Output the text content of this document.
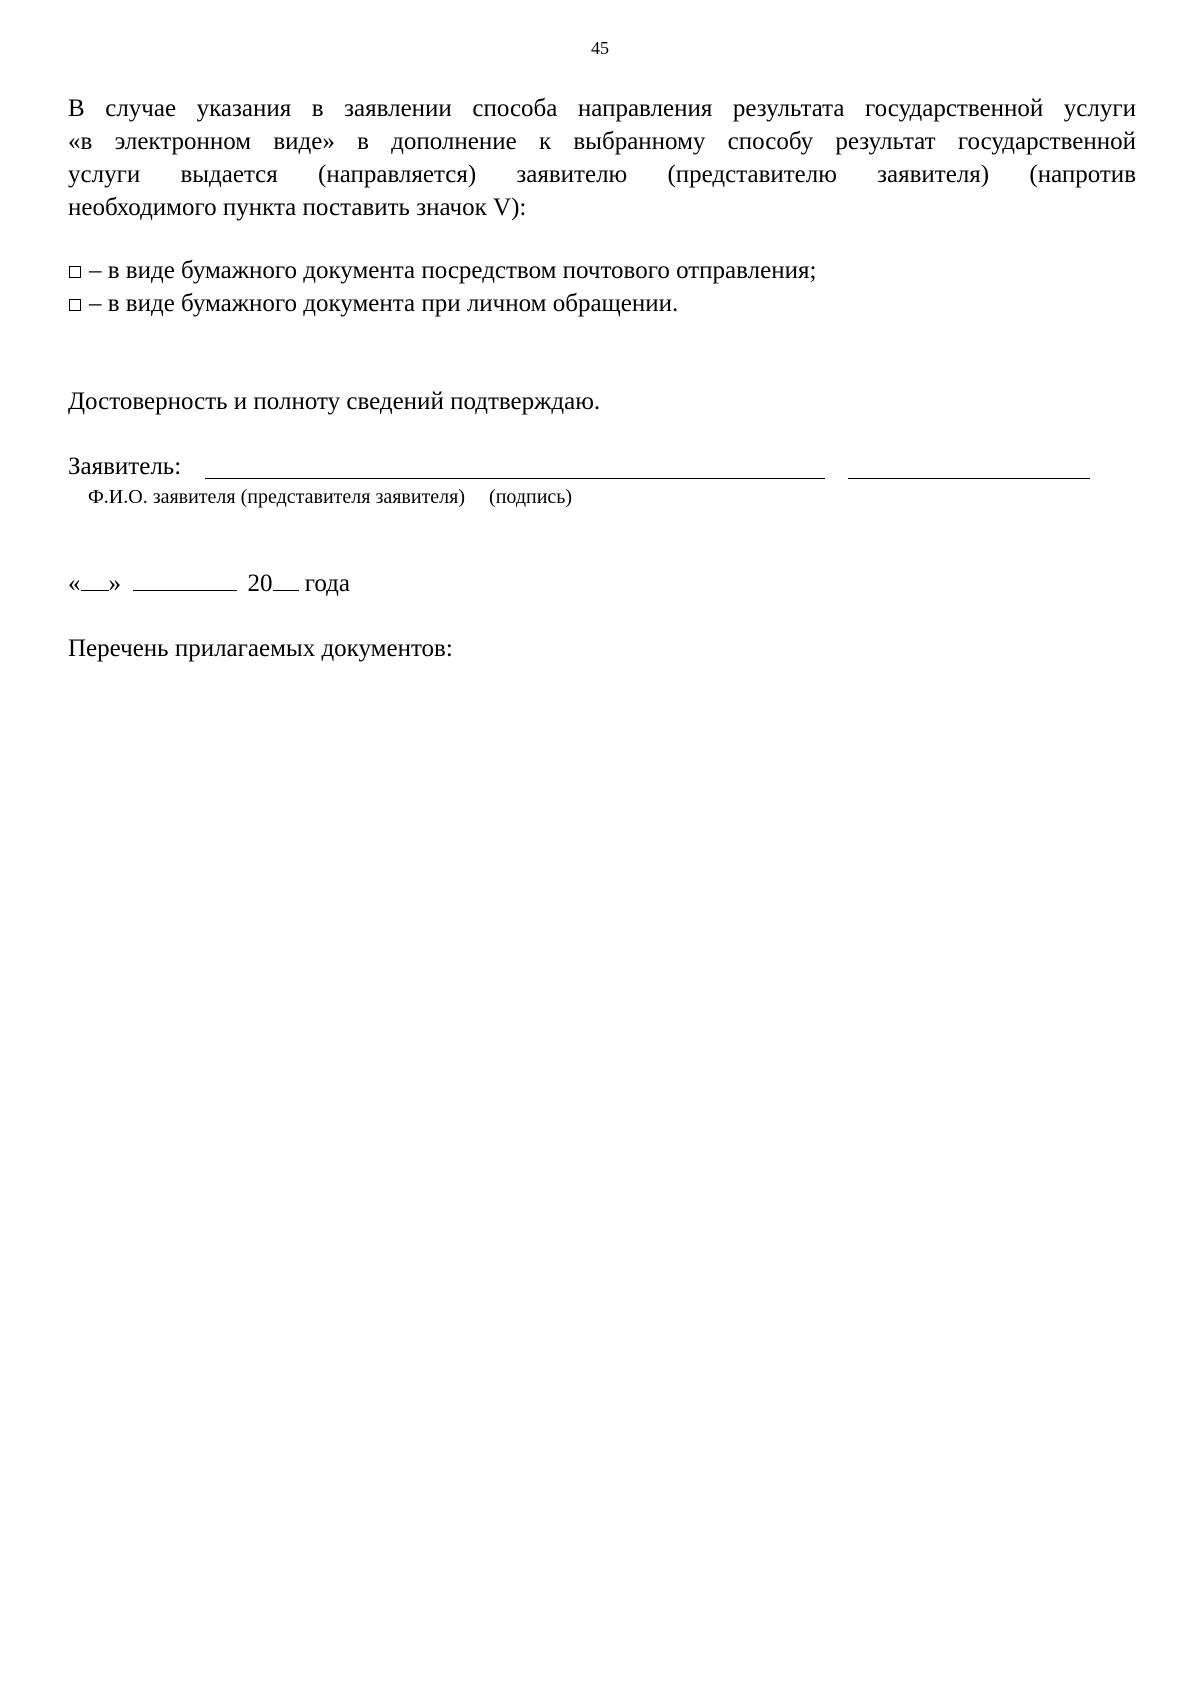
45
В случае указания в заявлении способа направления результата государственной услуги
«в электронном виде» в дополнение к выбранному способу результат государственной
услуги выдается (направляется) заявителю (представителю заявителя) (напротив
необходимого пункта поставить значок V):
– в виде бумажного документа посредством почтового отправления;
– в виде бумажного документа при личном обращении.
Достоверность и полноту сведений подтверждаю.
Заявитель:
Ф.И.О. заявителя (представителя заявителя) (подпись)
« »	20 года
Перечень прилагаемых документов:
